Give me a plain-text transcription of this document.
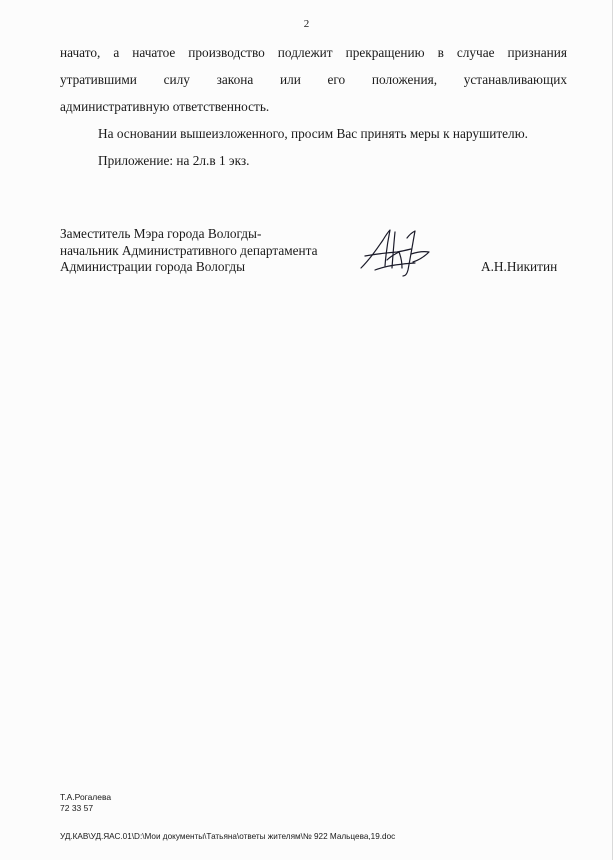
2
начато, а начатое производство подлежит прекращению в случае признания
утратившими силу закона или его положения, устанавливающих
административную ответственность.
На основании вышеизложенного, просим Вас принять меры к нарушителю.
Приложение: на 2л.в 1 экз.
Заместитель Мэра города Вологды-
начальник Административного департамента
Администрации города Вологды	А.Н.Никитин
Т.А.Рогалева
72 33 57
УД.КАВ\УД.ЯАС.01\D:\Мои документы\Татьяна\ответы жителям\№ 922 Мальцева,19.doc
